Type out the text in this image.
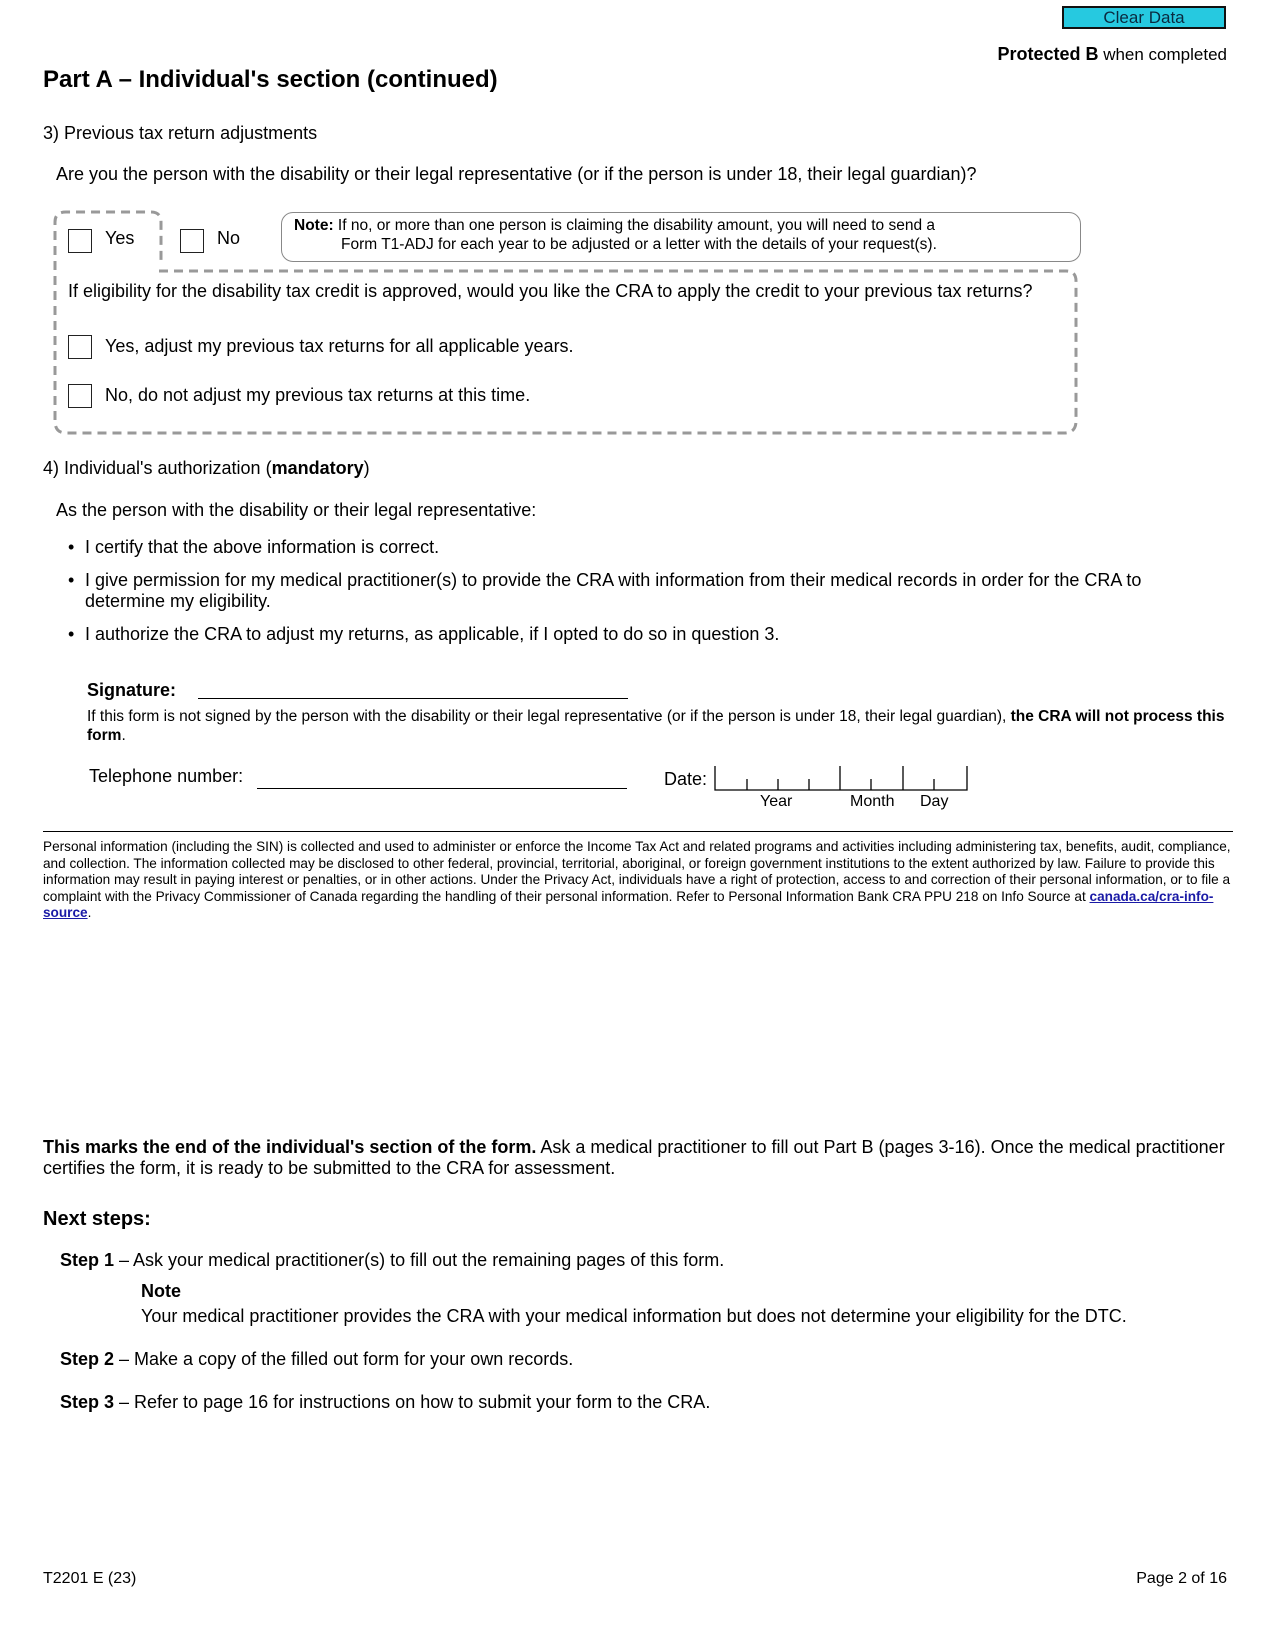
Clear Data
Protected B when completed
Part A – Individual's section (continued)
3) Previous tax return adjustments
Are you the person with the disability or their legal representative (or if the person is under 18, their legal guardian)?
Yes	No
Note: If no, or more than one person is claiming the disability amount, you will need to send a
Form T1-ADJ for each year to be adjusted or a letter with the details of your request(s).
If eligibility for the disability tax credit is approved, would you like the CRA to apply the credit to your previous tax returns?
Yes, adjust my previous tax returns for all applicable years.
No, do not adjust my previous tax returns at this time.
4) Individual's authorization (mandatory)
As the person with the disability or their legal representative:
• I certify that the above information is correct.
• I give permission for my medical practitioner(s) to provide the CRA with information from their medical records in order for the CRA to determine my eligibility.
• I authorize the CRA to adjust my returns, as applicable, if I opted to do so in question 3.
Signature:
If this form is not signed by the person with the disability or their legal representative (or if the person is under 18, their legal guardian), the CRA will not process this form.
Telephone number:	Date:
Year	Month Day
Personal information (including the SIN) is collected and used to administer or enforce the Income Tax Act and related programs and activities including administering tax, benefits, audit, compliance, and collection. The information collected may be disclosed to other federal, provincial, territorial, aboriginal, or foreign government institutions to the extent authorized by law. Failure to provide this information may result in paying interest or penalties, or in other actions. Under the Privacy Act, individuals have a right of protection, access to and correction of their personal information, or to file a complaint with the Privacy Commissioner of Canada regarding the handling of their personal information. Refer to Personal Information Bank CRA PPU 218 on Info Source at canada.ca/cra-info-source.
This marks the end of the individual's section of the form. Ask a medical practitioner to fill out Part B (pages 3-16). Once the medical practitioner certifies the form, it is ready to be submitted to the CRA for assessment.
Next steps:
Step 1 – Ask your medical practitioner(s) to fill out the remaining pages of this form.
Note
Your medical practitioner provides the CRA with your medical information but does not determine your eligibility for the DTC.
Step 2 – Make a copy of the filled out form for your own records.
Step 3 – Refer to page 16 for instructions on how to submit your form to the CRA.
T2201 E (23)	Page 2 of 16
